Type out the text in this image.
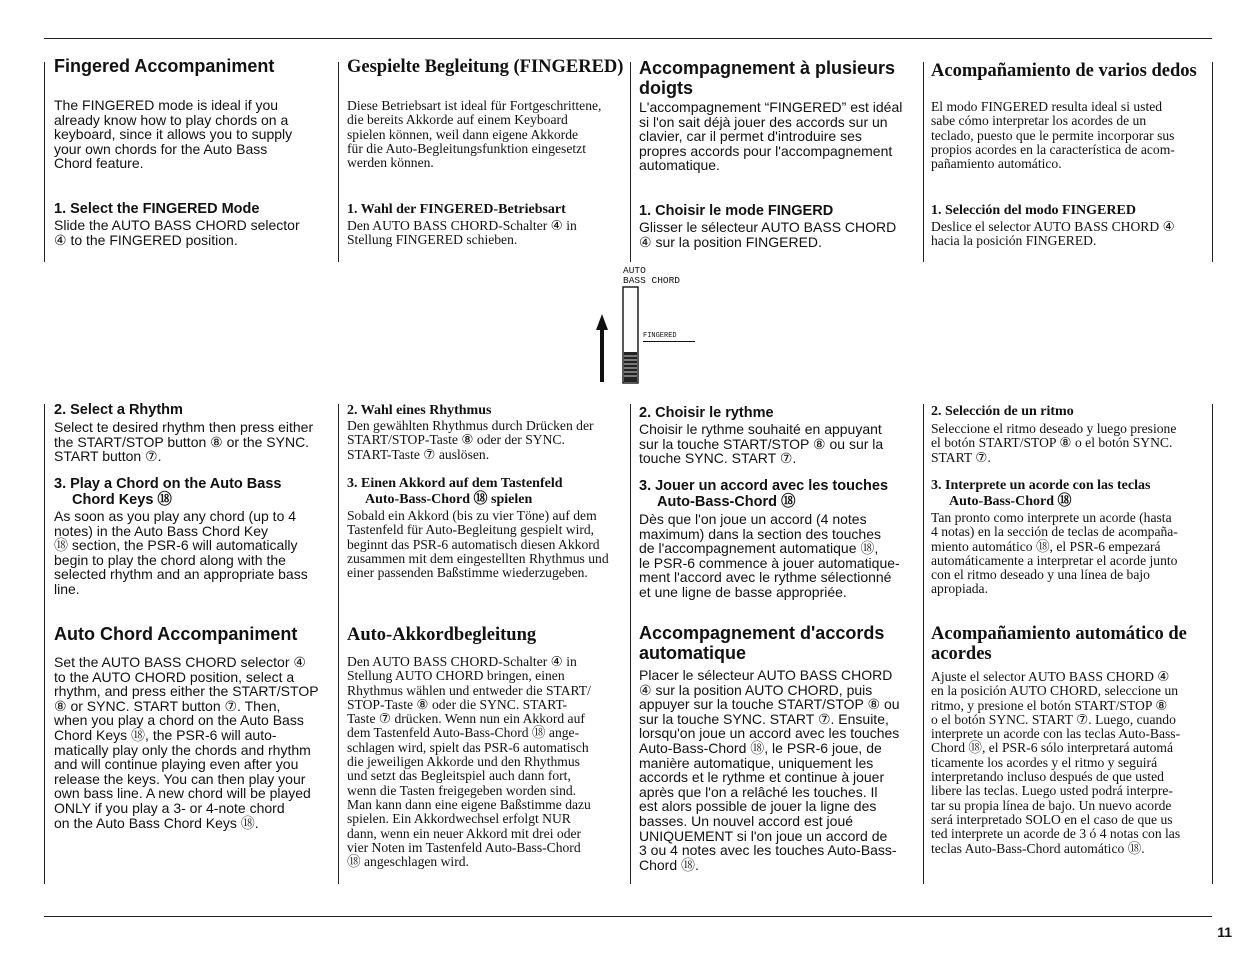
Fingered Accompaniment
The FINGERED mode is ideal if you
already know how to play chords on a
keyboard, since it allows you to supply
your own chords for the Auto Bass
Chord feature.
1. Select the FINGERED Mode
Slide the AUTO BASS CHORD selector
④ to the FINGERED position.
2. Select a Rhythm
Select te desired rhythm then press either
the START/STOP button ⑧ or the SYNC.
START button ⑦.
3. Play a Chord on the Auto Bass
Chord Keys ⑱
As soon as you play any chord (up to 4
notes) in the Auto Bass Chord Key
⑱ section, the PSR-6 will automatically
begin to play the chord along with the
selected rhythm and an appropriate bass
line.
Auto Chord Accompaniment
Set the AUTO BASS CHORD selector ④
to the AUTO CHORD position, select a
rhythm, and press either the START/STOP
⑧ or SYNC. START button ⑦. Then,
when you play a chord on the Auto Bass
Chord Keys ⑱, the PSR-6 will auto-
matically play only the chords and rhythm
and will continue playing even after you
release the keys. You can then play your
own bass line. A new chord will be played
ONLY if you play a 3- or 4-note chord
on the Auto Bass Chord Keys ⑱.
Gespielte Begleitung (FINGERED)
Diese Betriebsart ist ideal für Fortgeschrittene,
die bereits Akkorde auf einem Keyboard
spielen können, weil dann eigene Akkorde
für die Auto-Begleitungsfunktion eingesetzt
werden können.
1. Wahl der FINGERED-Betriebsart
Den AUTO BASS CHORD-Schalter ④ in
Stellung FINGERED schieben.
2. Wahl eines Rhythmus
Den gewählten Rhythmus durch Drücken der
START/STOP-Taste ⑧ oder der SYNC.
START-Taste ⑦ auslösen.
3. Einen Akkord auf dem Tastenfeld
Auto-Bass-Chord ⑱ spielen
Sobald ein Akkord (bis zu vier Töne) auf dem
Tastenfeld für Auto-Begleitung gespielt wird,
beginnt das PSR-6 automatisch diesen Akkord
zusammen mit dem eingestellten Rhythmus und
einer passenden Baßstimme wiederzugeben.
Auto-Akkordbegleitung
Den AUTO BASS CHORD-Schalter ④ in
Stellung AUTO CHORD bringen, einen
Rhythmus wählen und entweder die START/
STOP-Taste ⑧ oder die SYNC. START-
Taste ⑦ drücken. Wenn nun ein Akkord auf
dem Tastenfeld Auto-Bass-Chord ⑱ ange-
schlagen wird, spielt das PSR-6 automatisch
die jeweiligen Akkorde und den Rhythmus
und setzt das Begleitspiel auch dann fort,
wenn die Tasten freigegeben worden sind.
Man kann dann eine eigene Baßstimme dazu
spielen. Ein Akkordwechsel erfolgt NUR
dann, wenn ein neuer Akkord mit drei oder
vier Noten im Tastenfeld Auto-Bass-Chord
⑱ angeschlagen wird.
Accompagnement à plusieurs
doigts
L'accompagnement “FINGERED” est idéal
si l'on sait déjà jouer des accords sur un
clavier, car il permet d'introduire ses
propres accords pour l'accompagnement
automatique.
1. Choisir le mode FINGERD
Glisser le sélecteur AUTO BASS CHORD
④ sur la position FINGERED.
2. Choisir le rythme
Choisir le rythme souhaité en appuyant
sur la touche START/STOP ⑧ ou sur la
touche SYNC. START ⑦.
3. Jouer un accord avec les touches
Auto-Bass-Chord ⑱
Dès que l'on joue un accord (4 notes
maximum) dans la section des touches
de l'accompagnement automatique ⑱,
le PSR-6 commence à jouer automatique-
ment l'accord avec le rythme sélectionné
et une ligne de basse appropriée.
Accompagnement d'accords
automatique
Placer le sélecteur AUTO BASS CHORD
④ sur la position AUTO CHORD, puis
appuyer sur la touche START/STOP ⑧ ou
sur la touche SYNC. START ⑦. Ensuite,
lorsqu'on joue un accord avec les touches
Auto-Bass-Chord ⑱, le PSR-6 joue, de
manière automatique, uniquement les
accords et le rythme et continue à jouer
après que l'on a relâché les touches. Il
est alors possible de jouer la ligne des
basses. Un nouvel accord est joué
UNIQUEMENT si l'on joue un accord de
3 ou 4 notes avec les touches Auto-Bass-
Chord ⑱.
Acompañamiento de varios dedos
El modo FINGERED resulta ideal si usted
sabe cómo interpretar los acordes de un
teclado, puesto que le permite incorporar sus
propios acordes en la característica de acom-
pañamiento automático.
1. Selección del modo FINGERED
Deslice el selector AUTO BASS CHORD ④
hacia la posición FINGERED.
2. Selección de un ritmo
Seleccione el ritmo deseado y luego presione
el botón START/STOP ⑧ o el botón SYNC.
START ⑦.
3. Interprete un acorde con las teclas
Auto-Bass-Chord ⑱
Tan pronto como interprete un acorde (hasta
4 notas) en la sección de teclas de acompaña-
miento automático ⑱, el PSR-6 empezará
automáticamente a interpretar el acorde junto
con el ritmo deseado y una línea de bajo
apropiada.
Acompañamiento automático de
acordes
Ajuste el selector AUTO BASS CHORD ④
en la posición AUTO CHORD, seleccione un
ritmo, y presione el botón START/STOP ⑧
o el botón SYNC. START ⑦. Luego, cuando
interprete un acorde con las teclas Auto-Bass-
Chord ⑱, el PSR-6 sólo interpretará automá
ticamente los acordes y el ritmo y seguirá
interpretando incluso después de que usted
libere las teclas. Luego usted podrá interpre-
tar su propia línea de bajo. Un nuevo acorde
será interpretado SOLO en el caso de que us
ted interprete un acorde de 3 ó 4 notas con las
teclas Auto-Bass-Chord automático ⑱.
AUTO
BASS CHORD
FINGERED
11
